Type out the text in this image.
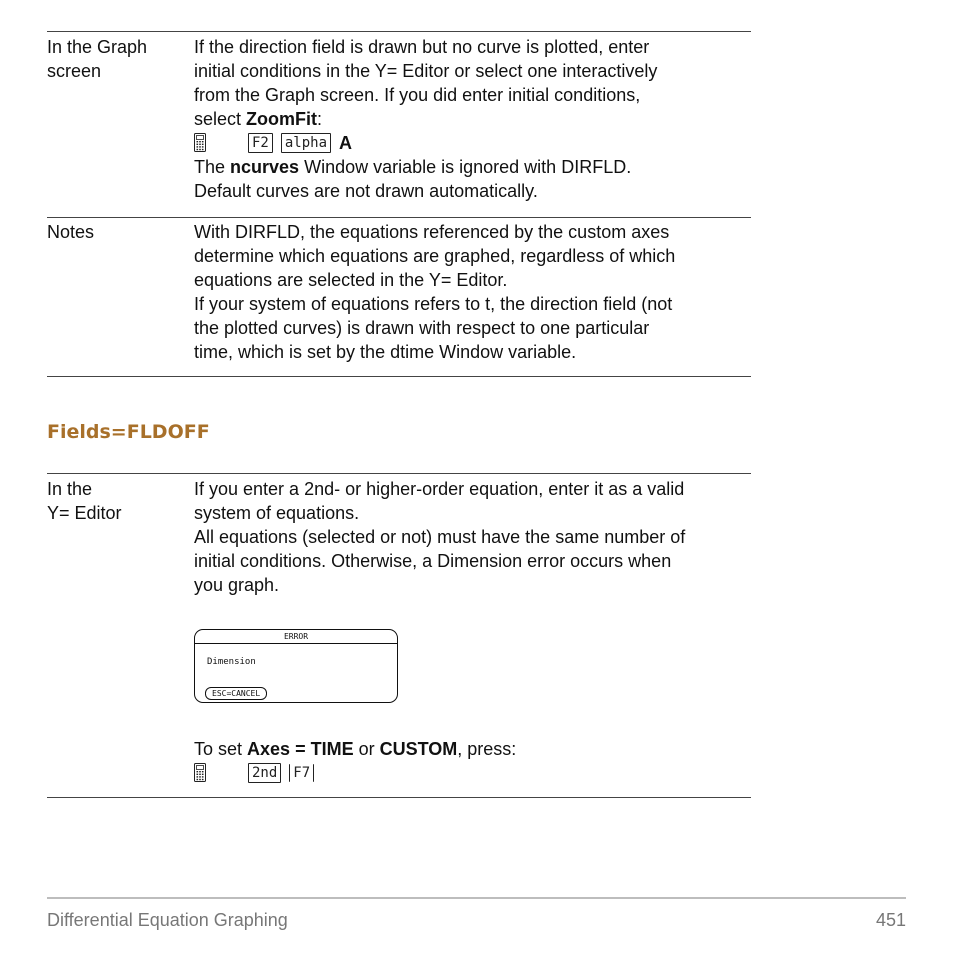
In the Graph
screen
If the direction field is drawn but no curve is plotted, enter
initial conditions in the Y= Editor or select one interactively
from the Graph screen. If you did enter initial conditions,
select ZoomFit:
F2 alpha A
The ncurves Window variable is ignored with DIRFLD.
Default curves are not drawn automatically.
Notes	With DIRFLD, the equations referenced by the custom axes
determine which equations are graphed, regardless of which
equations are selected in the Y= Editor.
If your system of equations refers to t, the direction field (not
the plotted curves) is drawn with respect to one particular
time, which is set by the dtime Window variable.
Fields=FLDOFF
In the
Y= Editor
If you enter a 2nd- or higher-order equation, enter it as a valid
system of equations.
All equations (selected or not) must have the same number of
initial conditions. Otherwise, a Dimension error occurs when
you graph.
ERROR
Dimension
ESC=CANCEL
To set Axes = TIME or CUSTOM, press:
2nd F7
Differential Equation Graphing	451
